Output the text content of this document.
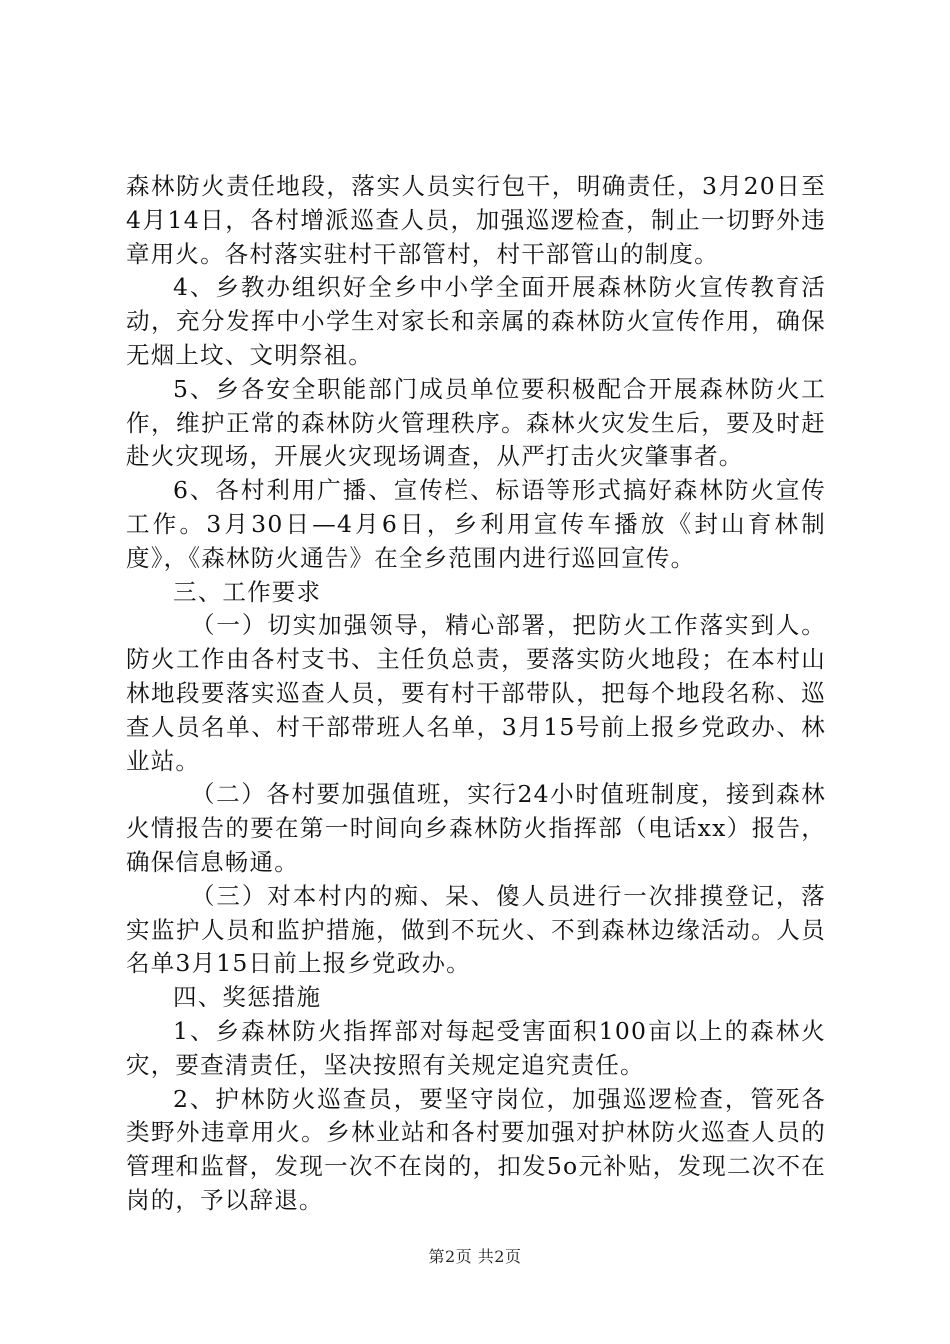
森林防火责任地段，落实人员实行包干，明确责任，3月20日至4月14日，各村增派巡查人员，加强巡逻检查，制止一切野外违章用火。各村落实驻村干部管村，村干部管山的制度。

4、乡教办组织好全乡中小学全面开展森林防火宣传教育活动，充分发挥中小学生对家长和亲属的森林防火宣传作用，确保无烟上坟、文明祭祖。

5、乡各安全职能部门成员单位要积极配合开展森林防火工作，维护正常的森林防火管理秩序。森林火灾发生后，要及时赶赴火灾现场，开展火灾现场调查，从严打击火灾肇事者。

6、各村利用广播、宣传栏、标语等形式搞好森林防火宣传工作。3月30日—4月6日，乡利用宣传车播放《封山育林制度》，《森林防火通告》在全乡范围内进行巡回宣传。

三、工作要求

（一）切实加强领导，精心部署，把防火工作落实到人。防火工作由各村支书、主任负总责，要落实防火地段；在本村山林地段要落实巡查人员，要有村干部带队，把每个地段名称、巡查人员名单、村干部带班人名单，3月15号前上报乡党政办、林业站。

（二）各村要加强值班，实行24小时值班制度，接到森林火情报告的要在第一时间向乡森林防火指挥部（电话xx）报告，确保信息畅通。

（三）对本村内的痴、呆、傻人员进行一次排摸登记，落实监护人员和监护措施，做到不玩火、不到森林边缘活动。人员名单3月15日前上报乡党政办。

四、奖惩措施

1、乡森林防火指挥部对每起受害面积100亩以上的森林火灾，要查清责任，坚决按照有关规定追究责任。

2、护林防火巡查员，要坚守岗位，加强巡逻检查，管死各类野外违章用火。乡林业站和各村要加强对护林防火巡查人员的管理和监督，发现一次不在岗的，扣发5o元补贴，发现二次不在岗的，予以辞退。

第2页 共2页
